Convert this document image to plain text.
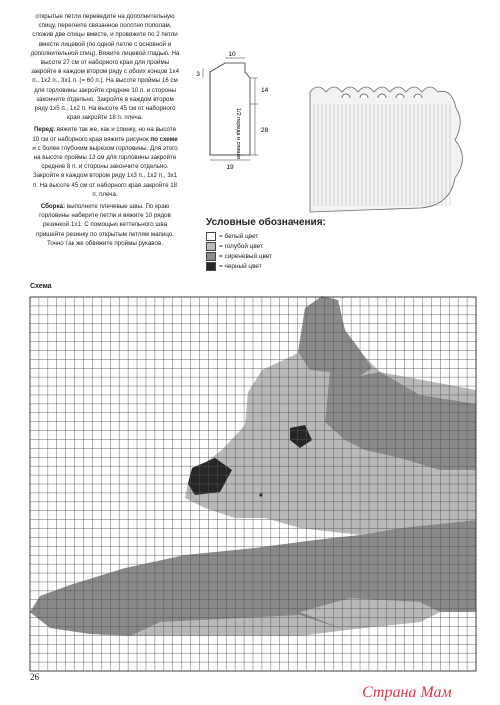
открытые петли переведите на дополнительную спицу, перегните связанное полотно пополам, сложив две спицы вместе, и провяжите по 2 петли вместе лицевой (по одной петле с основной и дополнительной спиц). Вяжите лицевой гладью. На высоте 27 см от наборного края для проймы закройте в каждом втором ряду с обоих концов 1х4 п., 1х2 п., 3х1 п. (= 60 п.). На высоте проймы 16 см для горловины закройте средние 10 п. и стороны закончите отдельно. Закройте в каждом втором ряду 1х5 п., 1х2 п. На высоте 45 см от наборного края закройте 18 п. плеча.

Перед: вяжите так же, как и спинку, но на высоте 10 см от наборного края вяжите рисунок по схеме и с более глубоким вырезом горловины. Для этого на высоте проймы 13 см для горловины закройте средние 8 п. и стороны закончите отдельно. Закройте в каждом втором ряду 1х3 п., 1х2 п., 3х1 п. На высоте 45 см от наборного края закройте 18 п. плеча.

Сборка: выполните плечевые швы. По краю горловины наберите петли и вяжите 10 рядов резинкой 1х1. С помощью кеттельного шва пришейте резинку по открытым петлям мапицо. Точно так же обвяжите проймы рукавов.

10
3
14
28
19
1/2 переда и спинки
Условные обозначения:
= белый цвет
= голубой цвет
= сиреневый цвет
= черный цвет
Схема
26
Страна Мам
